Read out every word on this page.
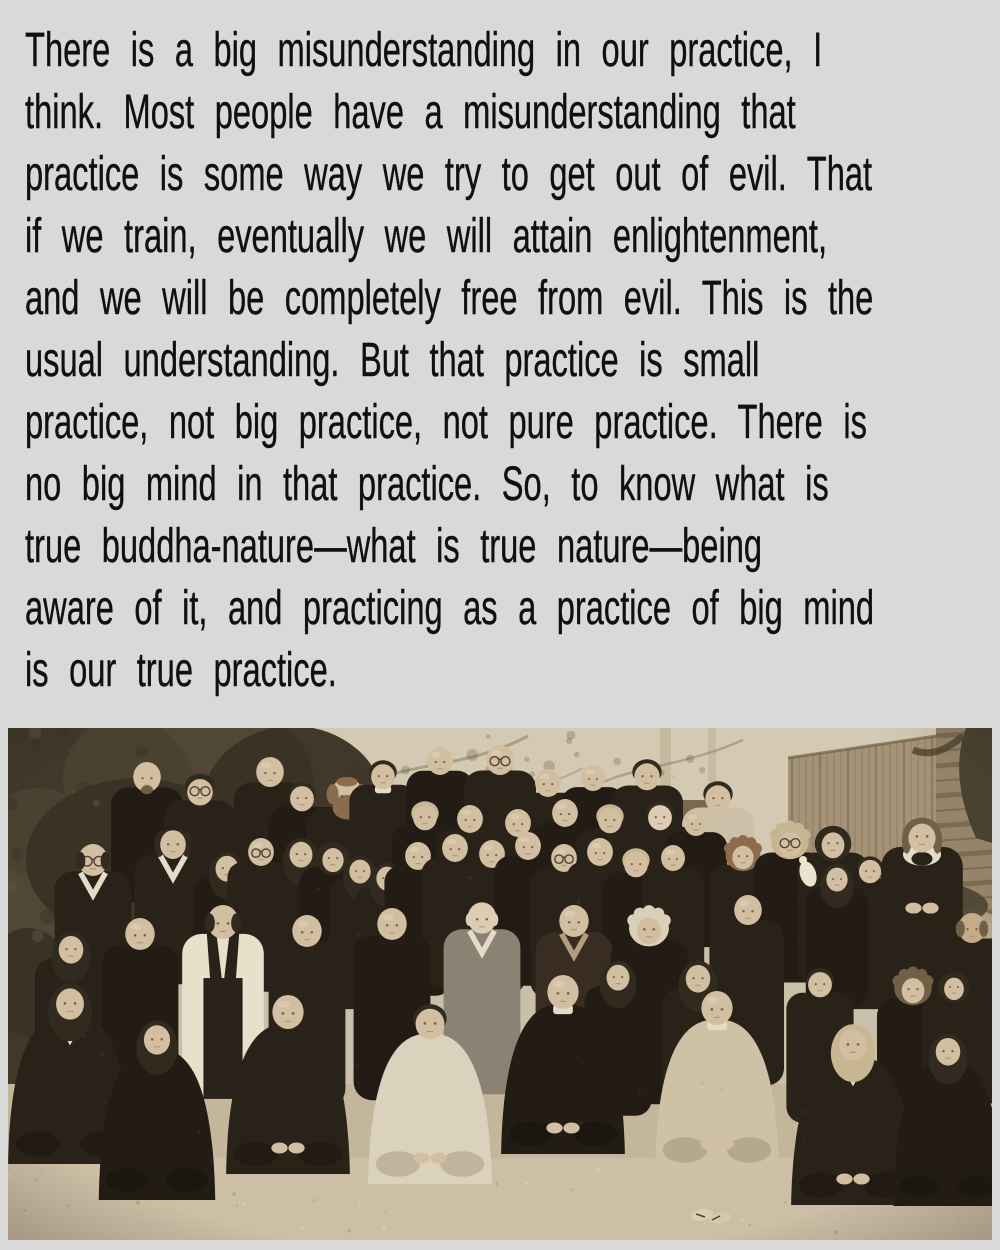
There is a big misunderstanding in our practice, I
think. Most people have a misunderstanding that
practice is some way we try to get out of evil. That
if we train, eventually we will attain enlightenment,
and we will be completely free from evil. This is the
usual understanding. But that practice is small
practice, not big practice, not pure practice. There is
no big mind in that practice. So, to know what is
true buddha-nature—what is true nature—being
aware of it, and practicing as a practice of big mind
is our true practice.
